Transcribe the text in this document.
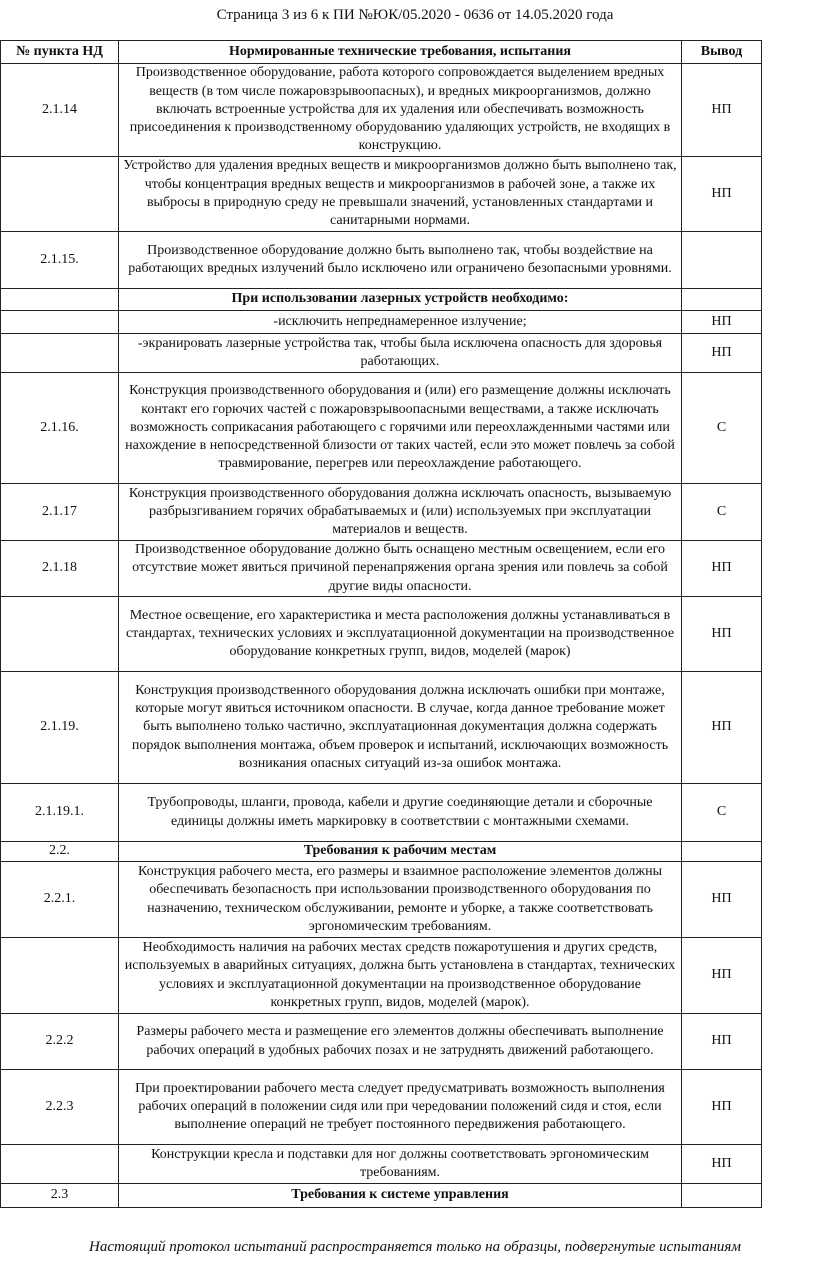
Страница 3 из 6 к ПИ №ЮК/05.2020 - 0636 от 14.05.2020 года
№ пункта НД	Нормированные технические требования, испытания	Вывод
2.1.14	Производственное оборудование, работа которого сопровождается выделением вредных веществ (в том числе пожаровзрывоопасных), и вредных микроорганизмов, должно включать встроенные устройства для их удаления или обеспечивать возможность присоединения к производственному оборудованию удаляющих устройств, не входящих в конструкцию.	НП
	Устройство для удаления вредных веществ и микроорганизмов должно быть выполнено так, чтобы концентрация вредных веществ и микроорганизмов в рабочей зоне, а также их выбросы в природную среду не превышали значений, установленных стандартами и санитарными нормами.	НП
2.1.15.	Производственное оборудование должно быть выполнено так, чтобы воздействие на работающих вредных излучений было исключено или ограничено безопасными уровнями.	
	При использовании лазерных устройств необходимо:	
	-исключить непреднамеренное излучение;	НП
	-экранировать лазерные устройства так, чтобы была исключена опасность для здоровья работающих.	НП
2.1.16.	Конструкция производственного оборудования и (или) его размещение должны исключать контакт его горючих частей с пожаровзрывоопасными веществами, а также исключать возможность соприкасания работающего с горячими или переохлажденными частями или нахождение в непосредственной близости от таких частей, если это может повлечь за собой травмирование, перегрев или переохлаждение работающего.	С
2.1.17	Конструкция производственного оборудования должна исключать опасность, вызываемую разбрызгиванием горячих обрабатываемых и (или) используемых при эксплуатации материалов и веществ.	С
2.1.18	Производственное оборудование должно быть оснащено местным освещением, если его отсутствие может явиться причиной перенапряжения органа зрения или повлечь за собой другие виды опасности.	НП
	Местное освещение, его характеристика и места расположения должны устанавливаться в стандартах, технических условиях и эксплуатационной документации на производственное оборудование конкретных групп, видов, моделей (марок)	НП
2.1.19.	Конструкция производственного оборудования должна исключать ошибки при монтаже, которые могут явиться источником опасности. В случае, когда данное требование может быть выполнено только частично, эксплуатационная документация должна содержать порядок выполнения монтажа, объем проверок и испытаний, исключающих возможность возникания опасных ситуаций из-за ошибок монтажа.	НП
2.1.19.1.	Трубопроводы, шланги, провода, кабели и другие соединяющие детали и сборочные единицы должны иметь маркировку в соответствии с монтажными схемами.	С
2.2.	Требования к рабочим местам	
2.2.1.	Конструкция рабочего места, его размеры и взаимное расположение элементов должны обеспечивать безопасность при использовании производственного оборудования по назначению, техническом обслуживании, ремонте и уборке, а также соответствовать эргономическим требованиям.	НП
	Необходимость наличия на рабочих местах средств пожаротушения и других средств, используемых в аварийных ситуациях, должна быть установлена в стандартах, технических условиях и эксплуатационной документации на производственное оборудование конкретных групп, видов, моделей (марок).	НП
2.2.2	Размеры рабочего места и размещение его элементов должны обеспечивать выполнение рабочих операций в удобных рабочих позах и не затруднять движений работающего.	НП
2.2.3	При проектировании рабочего места следует предусматривать возможность выполнения рабочих операций в положении сидя или при чередовании положений сидя и стоя, если выполнение операций не требует постоянного передвижения работающего.	НП
	Конструкции кресла и подставки для ног должны соответствовать эргономическим требованиям.	НП
2.3	Требования к системе управления	
Настоящий протокол испытаний распространяется только на образцы, подвергнутые испытаниям
